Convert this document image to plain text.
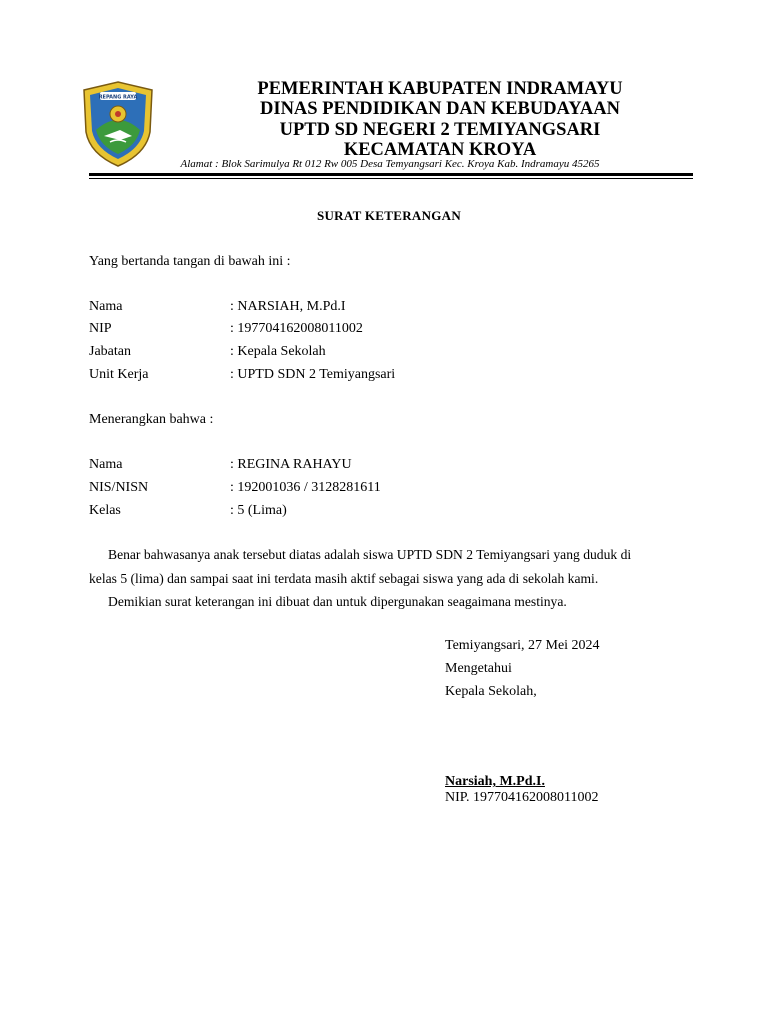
REPANG RAYA	PEMERINTAH KABUPATEN INDRAMAYU
DINAS PENDIDIKAN DAN KEBUDAYAAN
UPTD SD NEGERI 2 TEMIYANGSARI
KECAMATAN KROYA
Alamat : Blok Sarimulya Rt 012 Rw 005 Desa Temyangsari Kec. Kroya Kab. Indramayu 45265
SURAT KETERANGAN
Yang bertanda tangan di bawah ini :
Nama	: NARSIAH, M.Pd.I
NIP	: 197704162008011002
Jabatan	: Kepala Sekolah
Unit Kerja	: UPTD SDN 2 Temiyangsari
Menerangkan bahwa :
Nama	: REGINA RAHAYU
NIS/NISN	: 192001036 / 3128281611
Kelas	: 5 (Lima)
Benar bahwasanya anak tersebut diatas adalah siswa UPTD SDN 2 Temiyangsari yang duduk di
kelas 5 (lima) dan sampai saat ini terdata masih aktif sebagai siswa yang ada di sekolah kami.
Demikian surat keterangan ini dibuat dan untuk dipergunakan seagaimana mestinya.
Temiyangsari, 27 Mei 2024
Mengetahui
Kepala Sekolah,
Narsiah, M.Pd.I.
NIP. 197704162008011002
